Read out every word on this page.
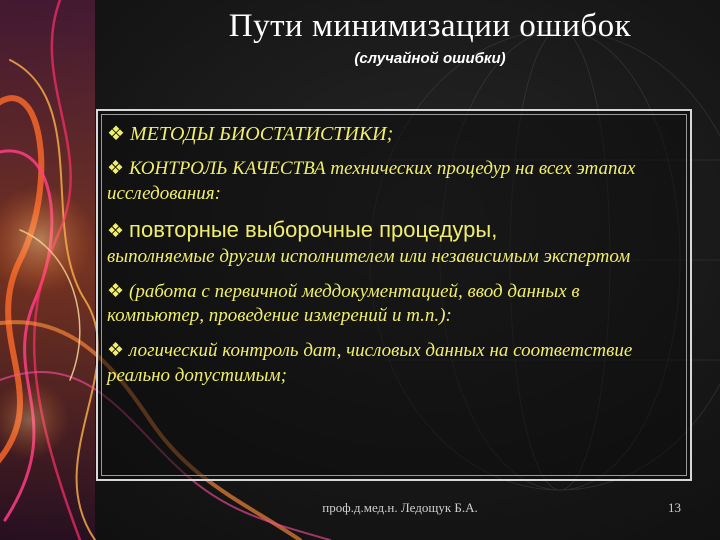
Пути минимизации ошибок
(случайной ошибки)
❖ МЕТОДЫ БИОСТАТИСТИКИ;
❖ КОНТРОЛЬ КАЧЕСТВА технических процедур на всех этапах исследования:
❖ повторные выборочные процедуры,
выполняемые другим исполнителем или независимым экспертом
❖ (работа с первичной меддокументацией, ввод данных в компьютер, проведение измерений и т.п.):
❖ логический контроль дат, числовых данных на соответствие реально допустимым;
проф.д.мед.н. Ледощук Б.А.	13
